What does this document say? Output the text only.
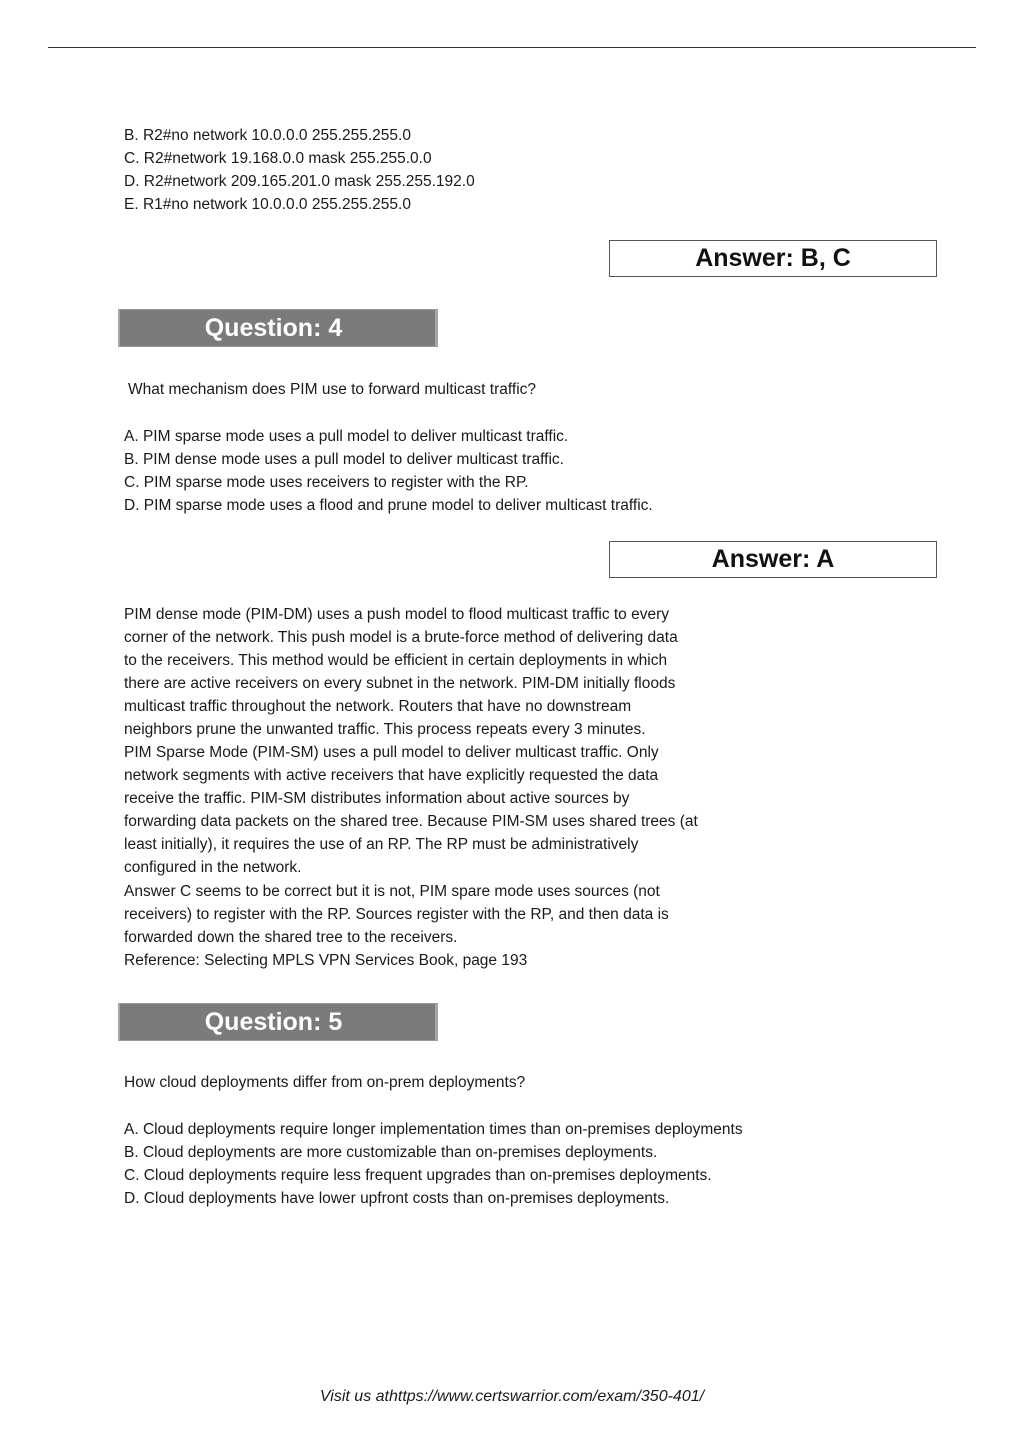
B. R2#no network 10.0.0.0 255.255.255.0
C. R2#network 19.168.0.0 mask 255.255.0.0
D. R2#network 209.165.201.0 mask 255.255.192.0
E. R1#no network 10.0.0.0 255.255.255.0
Answer: B, C
Question: 4
What mechanism does PIM use to forward multicast traffic?
A. PIM sparse mode uses a pull model to deliver multicast traffic.
B. PIM dense mode uses a pull model to deliver multicast traffic.
C. PIM sparse mode uses receivers to register with the RP.
D. PIM sparse mode uses a flood and prune model to deliver multicast traffic.
Answer: A
PIM dense mode (PIM-DM) uses a push model to flood multicast traffic to every
corner of the network. This push model is a brute-force method of delivering data
to the receivers. This method would be efficient in certain deployments in which
there are active receivers on every subnet in the network. PIM-DM initially floods
multicast traffic throughout the network. Routers that have no downstream
neighbors prune the unwanted traffic. This process repeats every 3 minutes.
PIM Sparse Mode (PIM-SM) uses a pull model to deliver multicast traffic. Only
network segments with active receivers that have explicitly requested the data
receive the traffic. PIM-SM distributes information about active sources by
forwarding data packets on the shared tree. Because PIM-SM uses shared trees (at
least initially), it requires the use of an RP. The RP must be administratively
configured in the network.
Answer C seems to be correct but it is not, PIM spare mode uses sources (not
receivers) to register with the RP. Sources register with the RP, and then data is
forwarded down the shared tree to the receivers.
Reference: Selecting MPLS VPN Services Book, page 193
Question: 5
How cloud deployments differ from on-prem deployments?
A. Cloud deployments require longer implementation times than on-premises deployments
B. Cloud deployments are more customizable than on-premises deployments.
C. Cloud deployments require less frequent upgrades than on-premises deployments.
D. Cloud deployments have lower upfront costs than on-premises deployments.
Visit us athttps://www.certswarrior.com/exam/350-401/
